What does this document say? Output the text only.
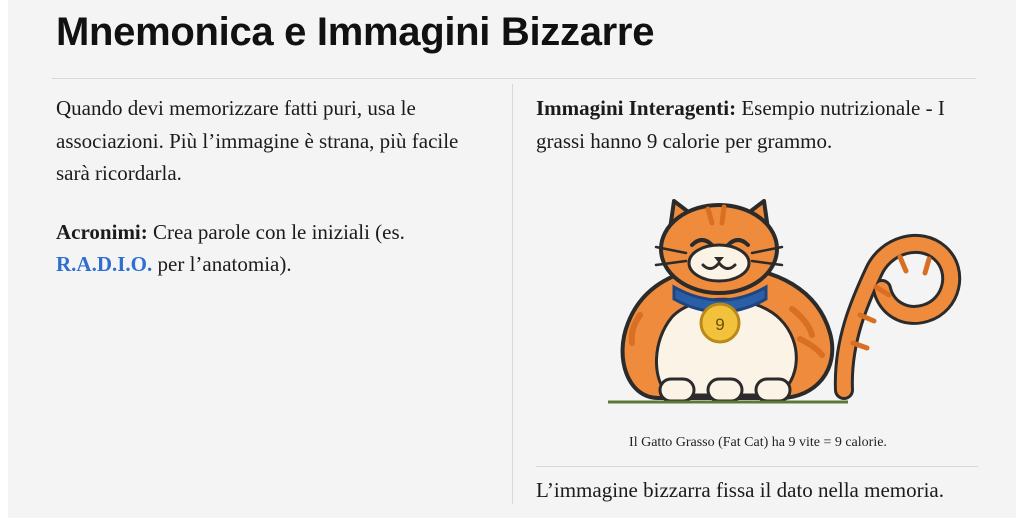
Mnemonica e Immagini Bizzarre

Quando devi memorizzare fatti puri, usa le associazioni. Più l’immagine è strana, più facile sarà ricordarla.

Acronimi: Crea parole con le iniziali (es. R.A.D.I.O. per l’anatomia).

Immagini Interagenti: Esempio nutrizionale - I grassi hanno 9 calorie per grammo.

9
Il Gatto Grasso (Fat Cat) ha 9 vite = 9 calorie.
L’immagine bizzarra fissa il dato nella memoria.
